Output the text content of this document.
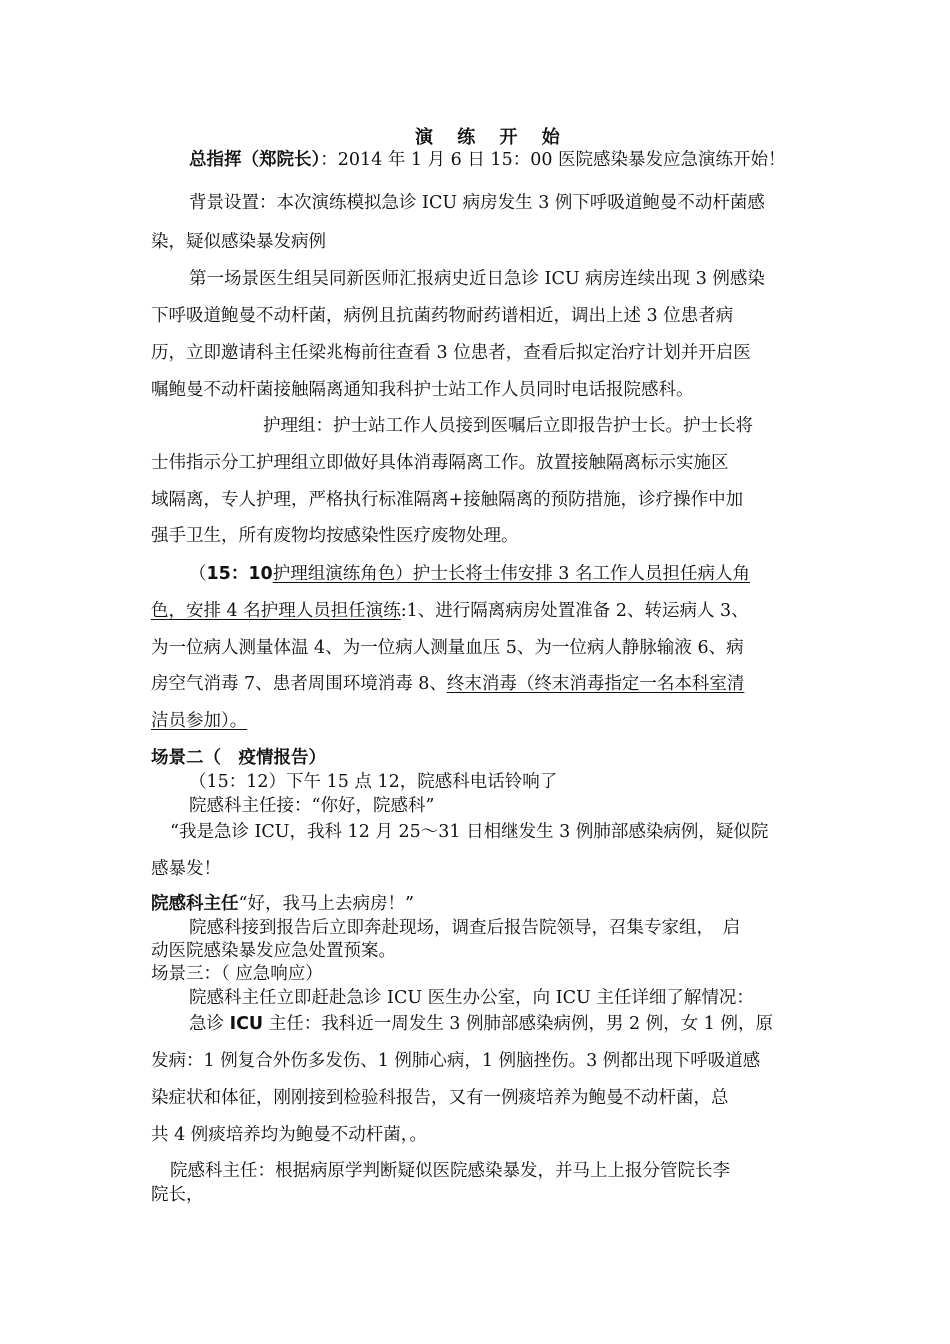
演 练 开 始
总指挥（郑院长）：2014 年 1 月 6 日 15：00 医院感染暴发应急演练开始！
背景设置：本次演练模拟急诊 ICU 病房发生 3 例下呼吸道鲍曼不动杆菌感
染，疑似感染暴发病例
第一场景医生组吴同新医师汇报病史近日急诊 ICU 病房连续出现 3 例感染
下呼吸道鲍曼不动杆菌，病例且抗菌药物耐药谱相近，调出上述 3 位患者病
历，立即邀请科主任梁兆梅前往查看 3 位患者，查看后拟定治疗计划并开启医
嘱鲍曼不动杆菌接触隔离通知我科护士站工作人员同时电话报院感科。
护理组：护士站工作人员接到医嘱后立即报告护士长。护士长将
士伟指示分工护理组立即做好具体消毒隔离工作。放置接触隔离标示实施区
域隔离，专人护理，严格执行标准隔离+接触隔离的预防措施，诊疗操作中加
强手卫生，所有废物均按感染性医疗废物处理。
（15：10护理组演练角色）护士长将士伟安排 3 名工作人员担任病人角
色，安排 4 名护理人员担任演练:1、进行隔离病房处置准备 2、转运病人 3、
为一位病人测量体温 4、为一位病人测量血压 5、为一位病人静脉输液 6、病
房空气消毒 7、患者周围环境消毒 8、终末消毒（终末消毒指定一名本科室清
洁员参加）。
场景二（　疫情报告）
（15：12）下午 15 点 12，院感科电话铃响了
院感科主任接：“你好，院感科”
“我是急诊 ICU，我科 12 月 25～31 日相继发生 3 例肺部感染病例，疑似院
感暴发！
院感科主任“好，我马上去病房！”
院感科接到报告后立即奔赴现场，调查后报告院领导，召集专家组，　启
动医院感染暴发应急处置预案。
场景三：（ 应急响应）
院感科主任立即赶赴急诊 ICU 医生办公室，向 ICU 主任详细了解情况：
急诊 ICU 主任：我科近一周发生 3 例肺部感染病例，男 2 例，女 1 例，原
发病：1 例复合外伤多发伤、1 例肺心病，1 例脑挫伤。3 例都出现下呼吸道感
染症状和体征，刚刚接到检验科报告，又有一例痰培养为鲍曼不动杆菌，总
共 4 例痰培养均为鲍曼不动杆菌，。
院感科主任：根据病原学判断疑似医院感染暴发，并马上上报分管院长李
院长，
